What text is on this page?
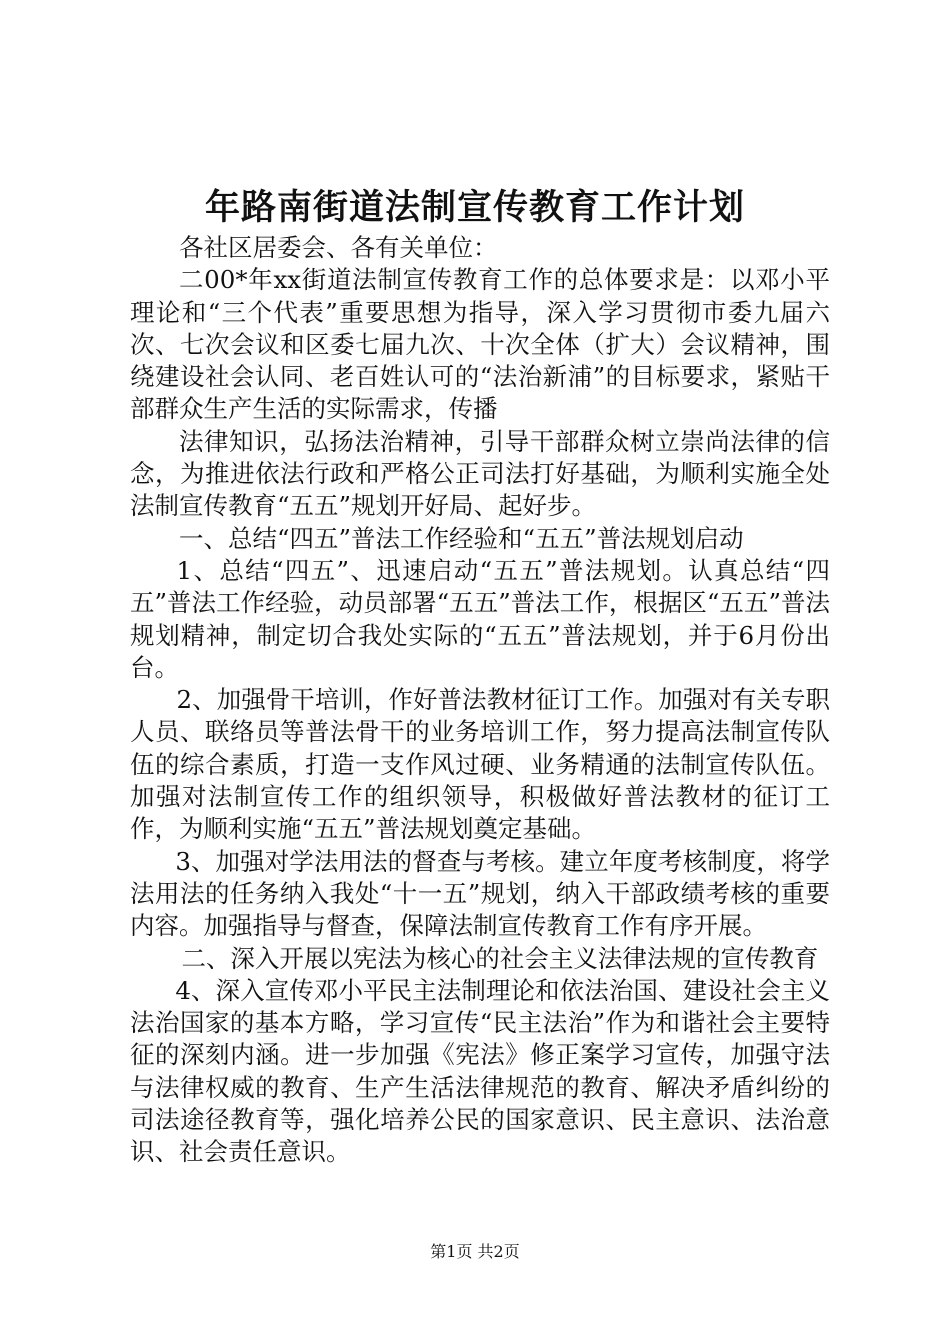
年路南街道法制宣传教育工作计划

各社区居委会、各有关单位：

二00*年xx街道法制宣传教育工作的总体要求是：以邓小平理论和“三个代表”重要思想为指导，深入学习贯彻市委九届六次、七次会议和区委七届九次、十次全体（扩大）会议精神，围绕建设社会认同、老百姓认可的“法治新浦”的目标要求，紧贴干部群众生产生活的实际需求，传播

法律知识，弘扬法治精神，引导干部群众树立崇尚法律的信念，为推进依法行政和严格公正司法打好基础，为顺利实施全处法制宣传教育“五五”规划开好局、起好步。

一、总结“四五”普法工作经验和“五五”普法规划启动

1、总结“四五”、迅速启动“五五”普法规划。认真总结“四五”普法工作经验，动员部署“五五”普法工作，根据区“五五”普法规划精神，制定切合我处实际的“五五”普法规划，并于6月份出台。

2、加强骨干培训，作好普法教材征订工作。加强对有关专职人员、联络员等普法骨干的业务培训工作，努力提高法制宣传队伍的综合素质，打造一支作风过硬、业务精通的法制宣传队伍。加强对法制宣传工作的组织领导，积极做好普法教材的征订工作，为顺利实施“五五”普法规划奠定基础。

3、加强对学法用法的督查与考核。建立年度考核制度，将学法用法的任务纳入我处“十一五”规划，纳入干部政绩考核的重要内容。加强指导与督查，保障法制宣传教育工作有序开展。

二、深入开展以宪法为核心的社会主义法律法规的宣传教育

4、深入宣传邓小平民主法制理论和依法治国、建设社会主义法治国家的基本方略，学习宣传“民主法治”作为和谐社会主要特征的深刻内涵。进一步加强《宪法》修正案学习宣传，加强守法与法律权威的教育、生产生活法律规范的教育、解决矛盾纠纷的司法途径教育等，强化培养公民的国家意识、民主意识、法治意识、社会责任意识。

第1页 共2页
